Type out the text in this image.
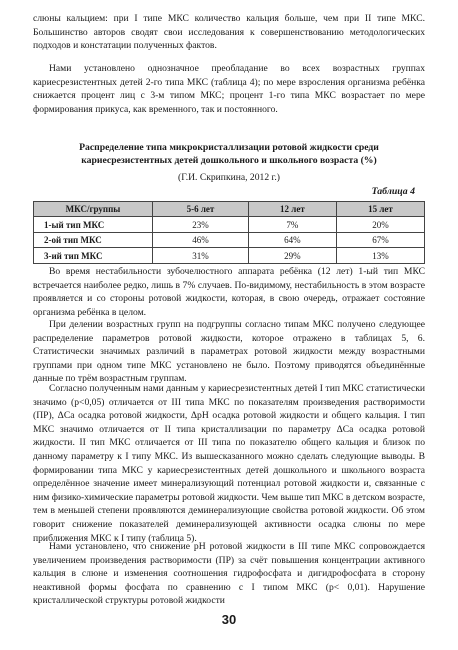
слюны кальцием: при I типе МКС количество кальция больше, чем при II типе МКС. Большинство авторов сводят свои исследования к совершенствованию методологических подходов и констатации полученных фактов.

Нами установлено однозначное преобладание во всех возрастных группах кариесрезистентных детей 2-го типа МКС (таблица 4); по мере взросления организма ребёнка снижается процент лиц с 3-м типом МКС; процент 1-го типа МКС возрастает по мере формирования прикуса, как временного, так и постоянного.

Распределение типа микрокристаллизации ротовой жидкости среди кариесрезистентных детей дошкольного и школьного возраста (%)

(Г.И. Скрипкина, 2012 г.)

Таблица 4

МКС/группы	5-6 лет	12 лет	15 лет
1-ый тип МКС	23%	7%	20%
2-ой тип МКС	46%	64%	67%
3-ий тип МКС	31%	29%	13%

Во время нестабильности зубочелюстного аппарата ребёнка (12 лет) 1-ый тип МКС встречается наиболее редко, лишь в 7% случаев. По-видимому, нестабильность в этом возрасте проявляется и со стороны ротовой жидкости, которая, в свою очередь, отражает состояние организма ребёнка в целом.

При делении возрастных групп на подгруппы согласно типам МКС получено следующее распределение параметров ротовой жидкости, которое отражено в таблицах 5, 6. Статистически значимых различий в параметрах ротовой жидкости между возрастными группами при одном типе МКС установлено не было. Поэтому приводятся объединённые данные по трём возрастным группам.

Согласно полученным нами данным у кариесрезистентных детей I тип МКС статистически значимо (р<0,05) отличается от III типа МКС по показателям произведения растворимости (ПР), ΔCa осадка ротовой жидкости, ΔрН осадка ротовой жидкости и общего кальция. I тип МКС значимо отличается от II типа кристаллизации по параметру ΔCa осадка ротовой жидкости. II тип МКС отличается от III типа по показателю общего кальция и близок по данному параметру к I типу МКС. Из вышесказанного можно сделать следующие выводы. В формировании типа МКС у кариесрезистентных детей дошкольного и школьного возраста определённое значение имеет минерализующий потенциал ротовой жидкости и, связанные с ним физико-химические параметры ротовой жидкости. Чем выше тип МКС в детском возрасте, тем в меньшей степени проявляются деминерализующие свойства ротовой жидкости. Об этом говорит снижение показателей деминерализующей активности осадка слюны по мере приближения МКС к I типу (таблица 5).

Нами установлено, что снижение рН ротовой жидкости в III типе МКС сопровождается увеличением произведения растворимости (ПР) за счёт повышения концентрации активного кальция в слюне и изменения соотношения гидрофосфата и дигидрофосфата в сторону неактивной формы фосфата по сравнению с I типом МКС (р< 0,01). Нарушение кристаллической структуры ротовой жидкости

30
